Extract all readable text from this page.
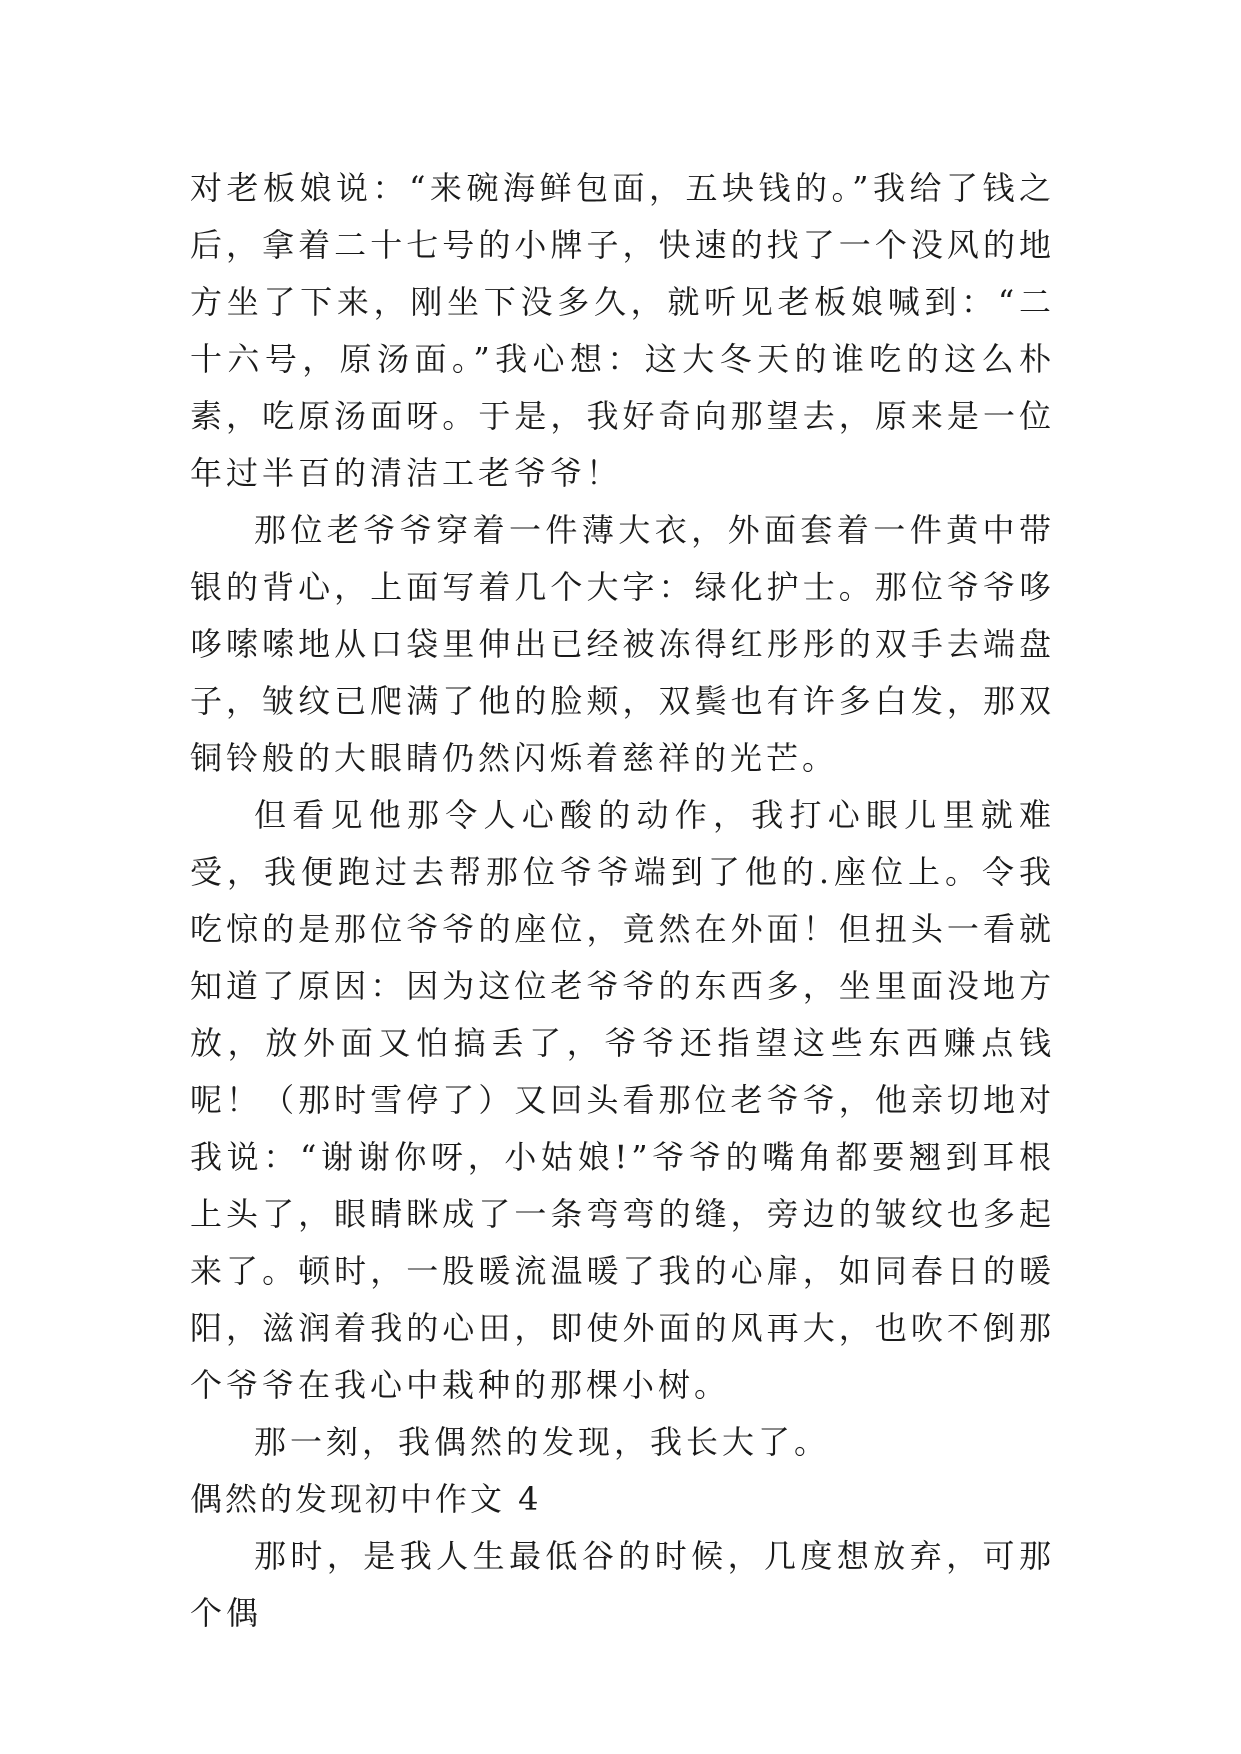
对老板娘说：“来碗海鲜包面，五块钱的。”我给了钱之后，拿着二十七号的小牌子，快速的找了一个没风的地方坐了下来，刚坐下没多久，就听见老板娘喊到：“二十六号，原汤面。”我心想：这大冬天的谁吃的这么朴素，吃原汤面呀。于是，我好奇向那望去，原来是一位年过半百的清洁工老爷爷！

那位老爷爷穿着一件薄大衣，外面套着一件黄中带银的背心，上面写着几个大字：绿化护士。那位爷爷哆哆嗦嗦地从口袋里伸出已经被冻得红彤彤的双手去端盘子，皱纹已爬满了他的脸颊，双鬓也有许多白发，那双铜铃般的大眼睛仍然闪烁着慈祥的光芒。

但看见他那令人心酸的动作，我打心眼儿里就难受，我便跑过去帮那位爷爷端到了他的.座位上。令我吃惊的是那位爷爷的座位，竟然在外面！但扭头一看就知道了原因：因为这位老爷爷的东西多，坐里面没地方放，放外面又怕搞丢了，爷爷还指望这些东西赚点钱呢！（那时雪停了）又回头看那位老爷爷，他亲切地对我说：“谢谢你呀，小姑娘!”爷爷的嘴角都要翘到耳根上头了，眼睛眯成了一条弯弯的缝，旁边的皱纹也多起来了。顿时，一股暖流温暖了我的心扉，如同春日的暖阳，滋润着我的心田，即使外面的风再大，也吹不倒那个爷爷在我心中栽种的那棵小树。

那一刻，我偶然的发现，我长大了。

偶然的发现初中作文 4

那时，是我人生最低谷的时候，几度想放弃，可那个偶
